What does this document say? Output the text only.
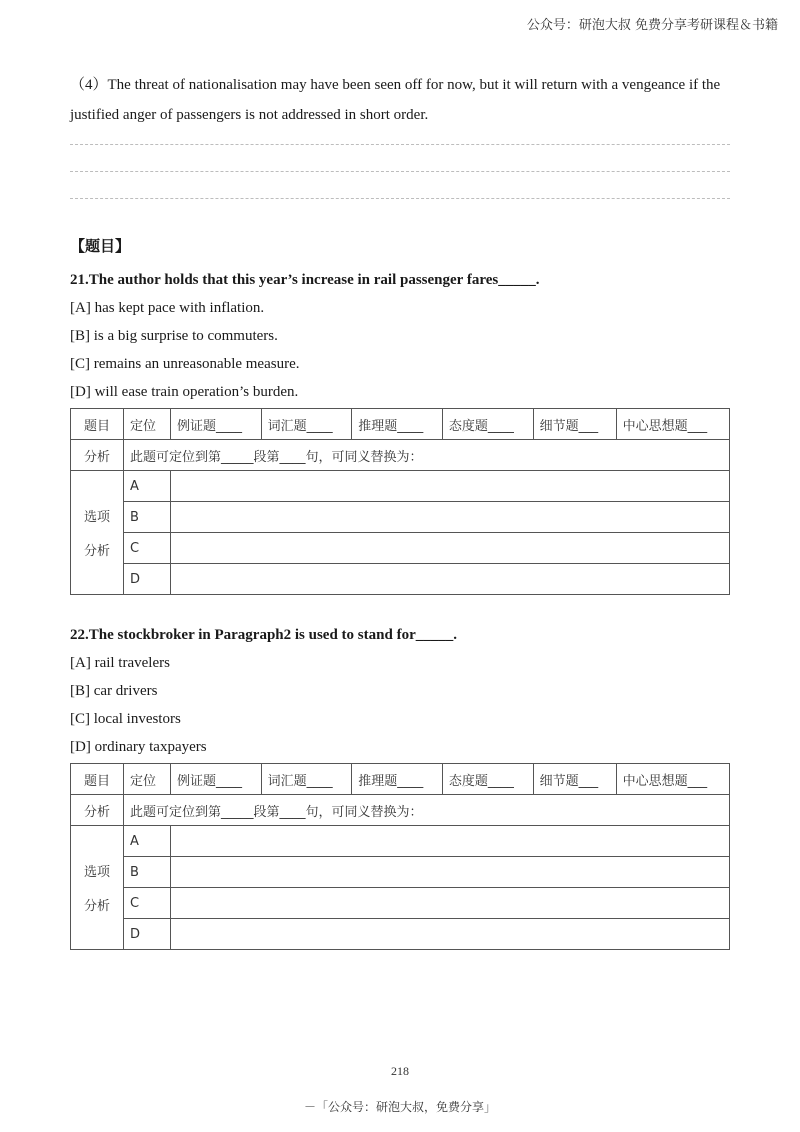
公众号：研泡大叔 免费分享考研课程＆书籍

（4）The threat of nationalisation may have been seen off for now, but it will return with a vengeance if the justified anger of passengers is not addressed in short order.

【题目】
21.The author holds that this year’s increase in rail passenger fares_____.
[A] has kept pace with inflation.
[B] is a big surprise to commuters.
[C] remains an unreasonable measure.
[D] will ease train operation’s burden.
题目	定位	例证题____	词汇题____	推理题____	态度题____	细节题___	中心思想题___
分析	此题可定位到第_____段第____句，可同义替换为：						
选项

分析	A						
	B						
	C						
	D						
22.The stockbroker in Paragraph2 is used to stand for_____.
[A] rail travelers
[B] car drivers
[C] local investors
[D] ordinary taxpayers
题目	定位	例证题____	词汇题____	推理题____	态度题____	细节题___	中心思想题___
分析	此题可定位到第_____段第____句，可同义替换为：						
选项

分析	A						
	B						
	C						
	D						
218
－「公众号：研泡大叔，免费分享」
